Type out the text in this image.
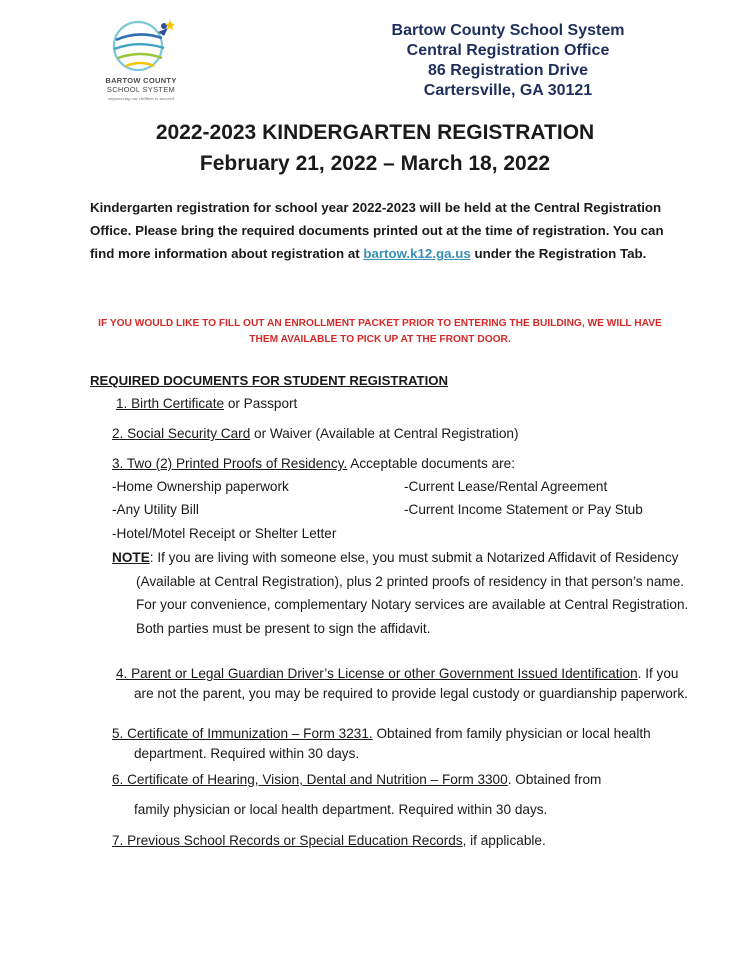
BARTOW COUNTY
SCHOOL SYSTEM
empowering our children to succeed
Bartow County School System
Central Registration Office
86 Registration Drive
Cartersville, GA 30121
2022-2023 KINDERGARTEN REGISTRATION
February 21, 2022 – March 18, 2022
Kindergarten registration for school year 2022-2023 will be held at the Central Registration Office. Please bring the required documents printed out at the time of registration. You can find more information about registration at bartow.k12.ga.us under the Registration Tab.
IF YOU WOULD LIKE TO FILL OUT AN ENROLLMENT PACKET PRIOR TO ENTERING THE BUILDING, WE WILL HAVE THEM AVAILABLE TO PICK UP AT THE FRONT DOOR.
REQUIRED DOCUMENTS FOR STUDENT REGISTRATION
1. Birth Certificate or Passport
2. Social Security Card or Waiver (Available at Central Registration)
3. Two (2) Printed Proofs of Residency. Acceptable documents are:
-Home Ownership paperwork	-Current Lease/Rental Agreement
-Any Utility Bill	-Current Income Statement or Pay Stub
-Hotel/Motel Receipt or Shelter Letter
NOTE: If you are living with someone else, you must submit a Notarized Affidavit of Residency (Available at Central Registration), plus 2 printed proofs of residency in that person’s name. For your convenience, complementary Notary services are available at Central Registration. Both parties must be present to sign the affidavit.
4. Parent or Legal Guardian Driver’s License or other Government Issued Identification. If you are not the parent, you may be required to provide legal custody or guardianship paperwork.
5. Certificate of Immunization – Form 3231. Obtained from family physician or local health department. Required within 30 days.
6. Certificate of Hearing, Vision, Dental and Nutrition – Form 3300. Obtained from
family physician or local health department. Required within 30 days.
7. Previous School Records or Special Education Records, if applicable.
